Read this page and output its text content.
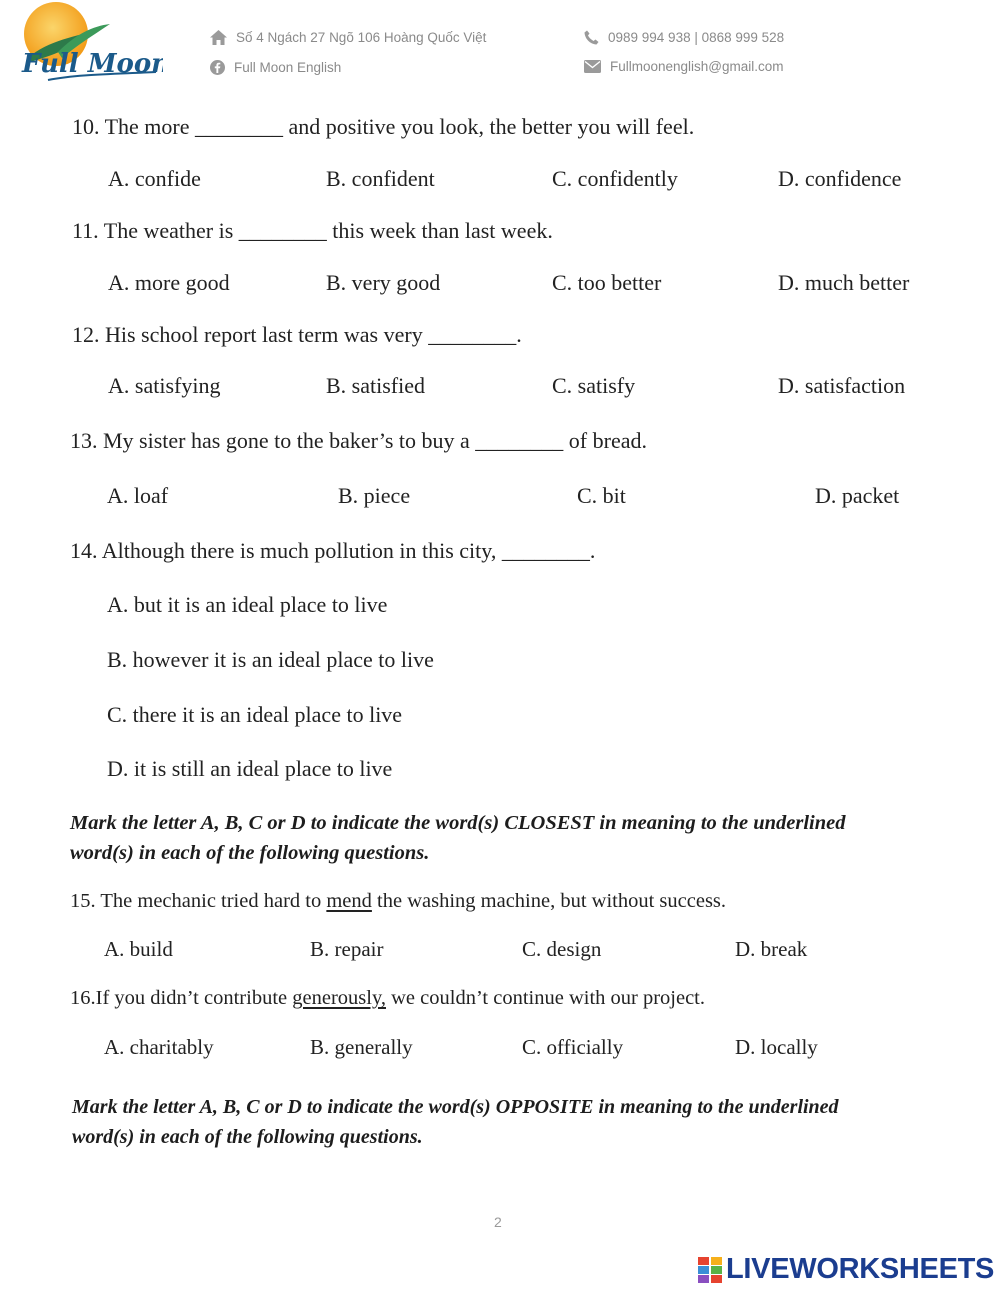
Full Moon
Số 4 Ngách 27 Ngõ 106 Hoàng Quốc Việt	0989 994 938 | 0868 999 528
Full Moon English	Fullmoonenglish@gmail.com
10. The more ________ and positive you look, the better you will feel.
A. confide	B. confident	C. confidently	D. confidence
11. The weather is ________ this week than last week.
A. more good	B. very good	C. too better	D. much better
12. His school report last term was very ________.
A. satisfying	B. satisfied	C. satisfy	D. satisfaction
13. My sister has gone to the baker’s to buy a ________ of bread.
A. loaf	B. piece	C. bit	D. packet
14. Although there is much pollution in this city, ________.
A. but it is an ideal place to live
B. however it is an ideal place to live
C. there it is an ideal place to live
D. it is still an ideal place to live
Mark the letter A, B, C or D to indicate the word(s) CLOSEST in meaning to the underlined
word(s) in each of the following questions.
15. The mechanic tried hard to mend the washing machine, but without success.
A. build	B. repair	C. design	D. break
16.If you didn’t contribute generously, we couldn’t continue with our project.
A. charitably	B. generally	C. officially	D. locally
Mark the letter A, B, C or D to indicate the word(s) OPPOSITE in meaning to the underlined
word(s) in each of the following questions.
2
LIVEWORKSHEETS
